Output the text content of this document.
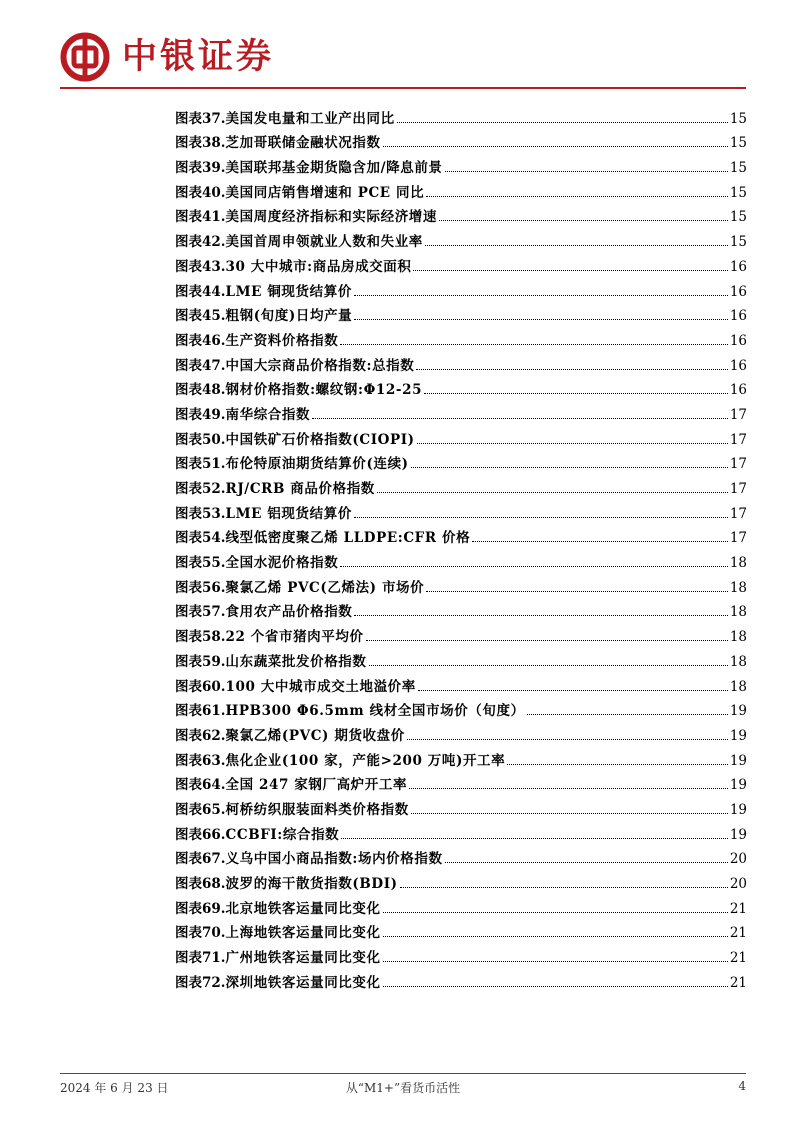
中银证券
图表 37. 美国发电量和工业产出同比	15
图表 38. 芝加哥联储金融状况指数	15
图表 39. 美国联邦基金期货隐含加/降息前景	15
图表 40. 美国同店销售增速和 PCE 同比	15
图表 41. 美国周度经济指标和实际经济增速	15
图表 42. 美国首周申领就业人数和失业率	15
图表 43. 30 大中城市:商品房成交面积	16
图表 44. LME 铜现货结算价	16
图表 45. 粗钢(旬度)日均产量	16
图表 46. 生产资料价格指数	16
图表 47. 中国大宗商品价格指数:总指数	16
图表 48. 钢材价格指数:螺纹钢:Φ12-25	16
图表 49. 南华综合指数	17
图表 50. 中国铁矿石价格指数(CIOPI)	17
图表 51. 布伦特原油期货结算价(连续)	17
图表 52. RJ/CRB 商品价格指数	17
图表 53. LME 铝现货结算价	17
图表 54. 线型低密度聚乙烯 LLDPE:CFR 价格	17
图表 55. 全国水泥价格指数	18
图表 56. 聚氯乙烯 PVC(乙烯法) 市场价	18
图表 57. 食用农产品价格指数	18
图表 58. 22 个省市猪肉平均价	18
图表 59. 山东蔬菜批发价格指数	18
图表 60. 100 大中城市成交土地溢价率	18
图表 61. HPB300 Φ6.5mm 线材全国市场价（旬度）	19
图表 62. 聚氯乙烯(PVC) 期货收盘价	19
图表 63. 焦化企业(100 家，产能>200 万吨)开工率	19
图表 64. 全国 247 家钢厂高炉开工率	19
图表 65. 柯桥纺织服装面料类价格指数	19
图表 66. CCBFI:综合指数	19
图表 67. 义乌中国小商品指数:场内价格指数	20
图表 68. 波罗的海干散货指数(BDI)	20
图表 69. 北京地铁客运量同比变化	21
图表 70. 上海地铁客运量同比变化	21
图表 71. 广州地铁客运量同比变化	21
图表 72. 深圳地铁客运量同比变化	21
2024 年 6 月 23 日	从“M1+”看货币活性	4
